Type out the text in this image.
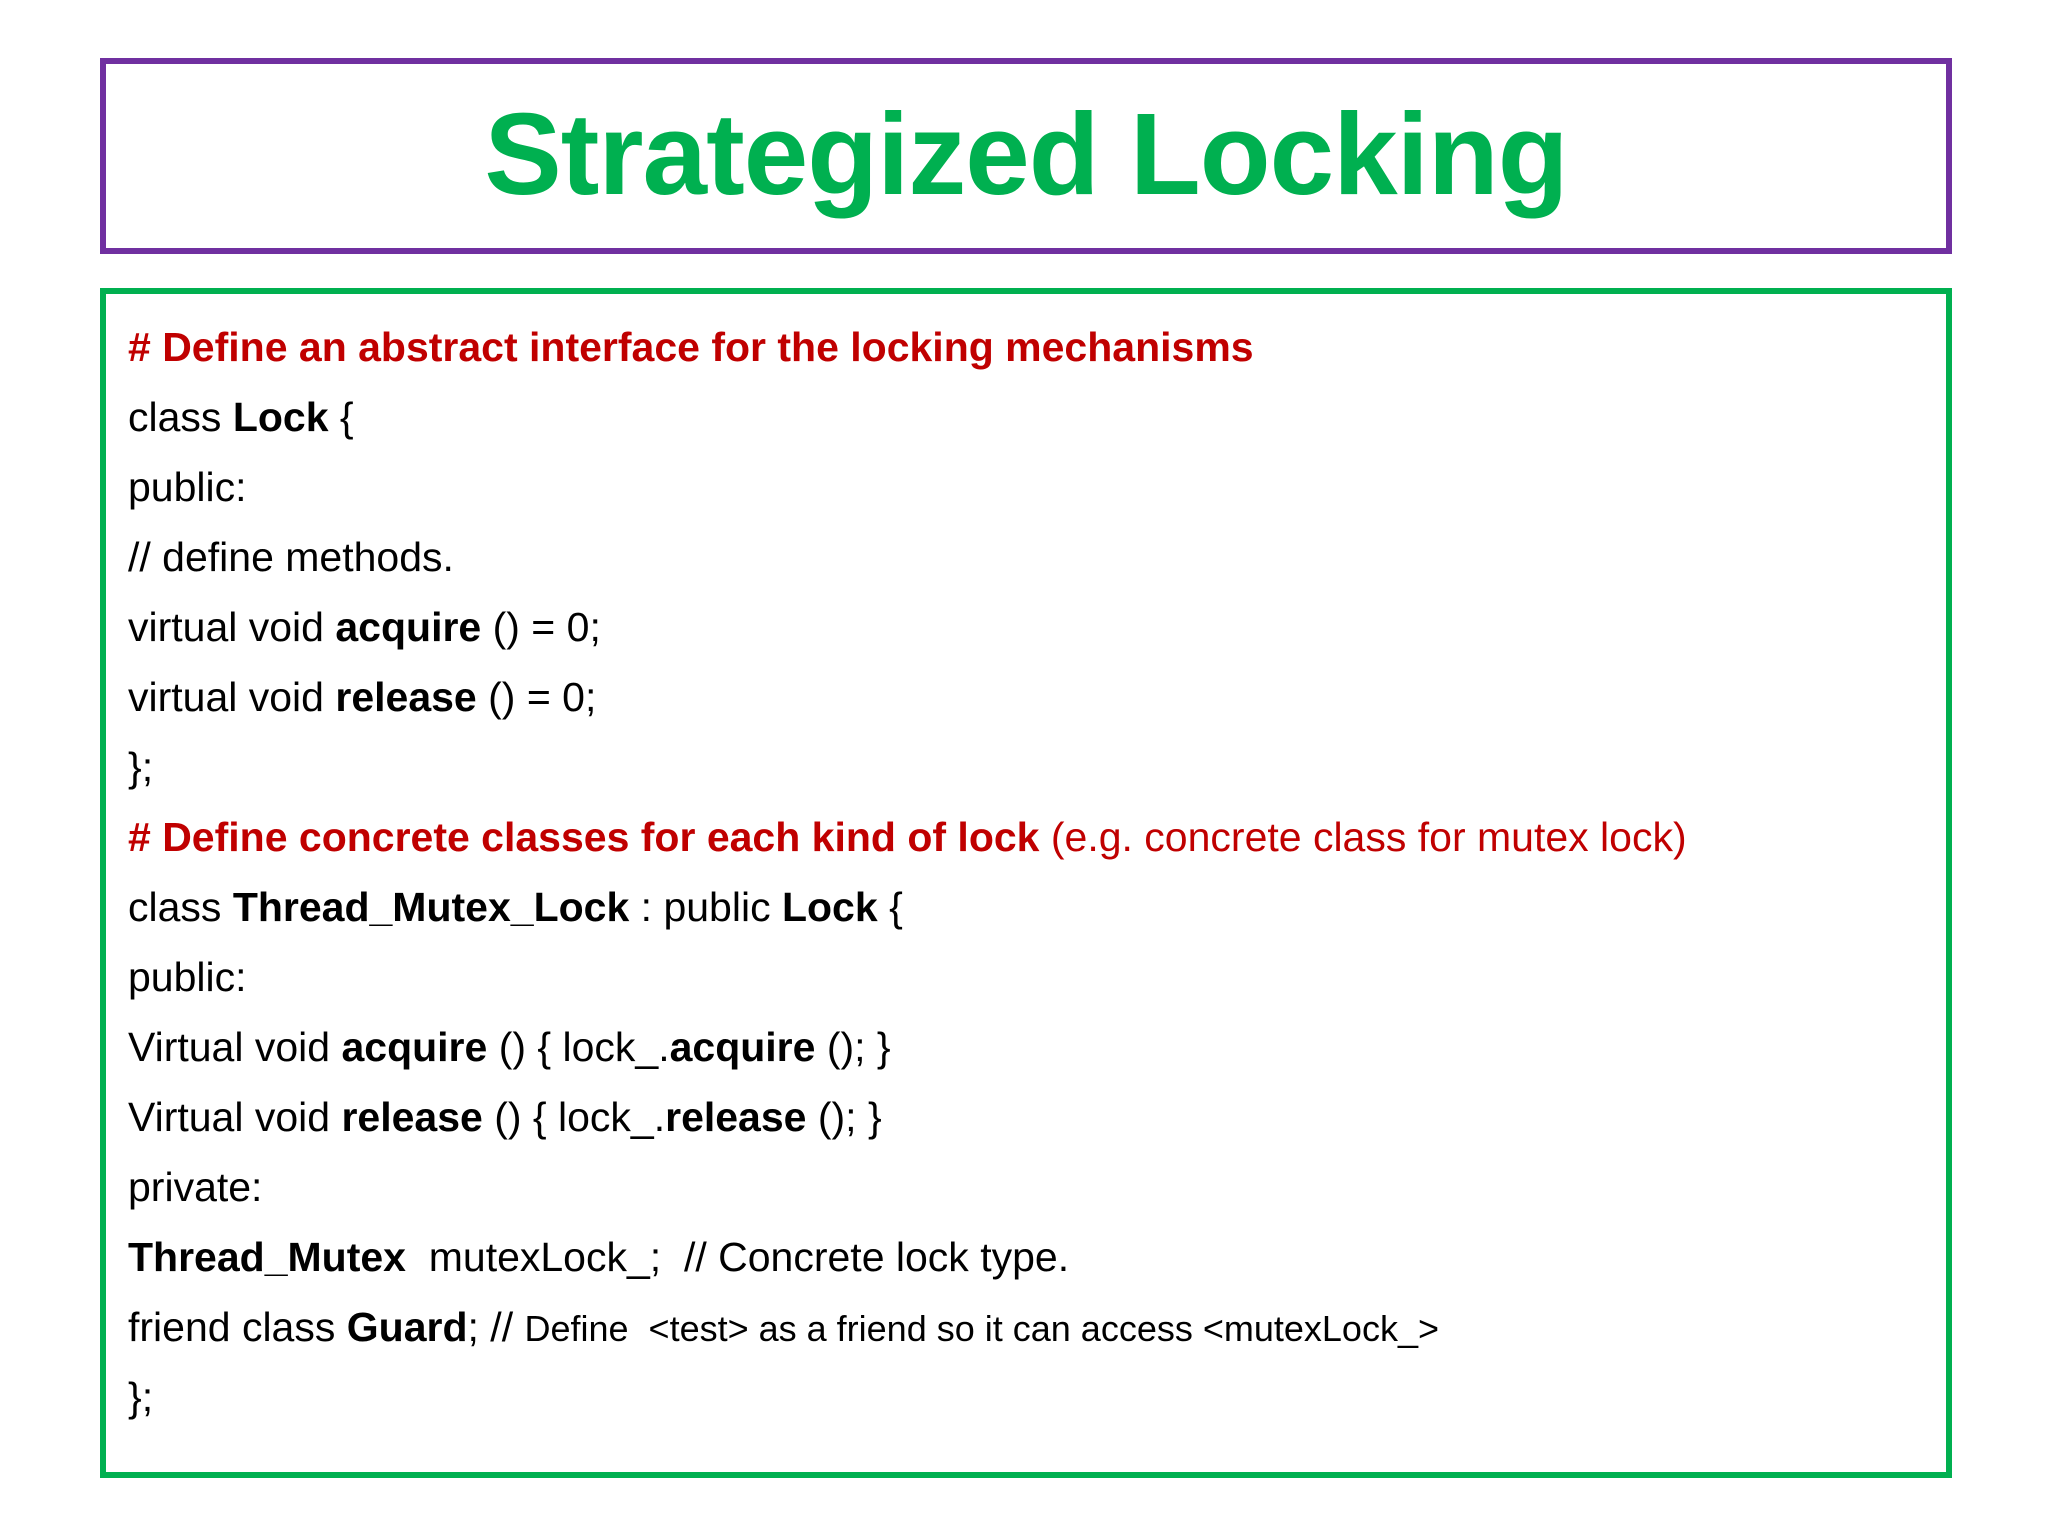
Strategized Locking
# Define an abstract interface for the locking mechanisms
class Lock {
public:
// define methods.
virtual void acquire () = 0;
virtual void release () = 0;
};
# Define concrete classes for each kind of lock (e.g. concrete class for mutex lock)
class Thread_Mutex_Lock : public Lock {
public:
Virtual void acquire () { lock_.acquire (); }
Virtual void release () { lock_.release (); }
private:
Thread_Mutex  mutexLock_;  // Concrete lock type.
friend class Guard; // Define  <test> as a friend so it can access <mutexLock_>
};
